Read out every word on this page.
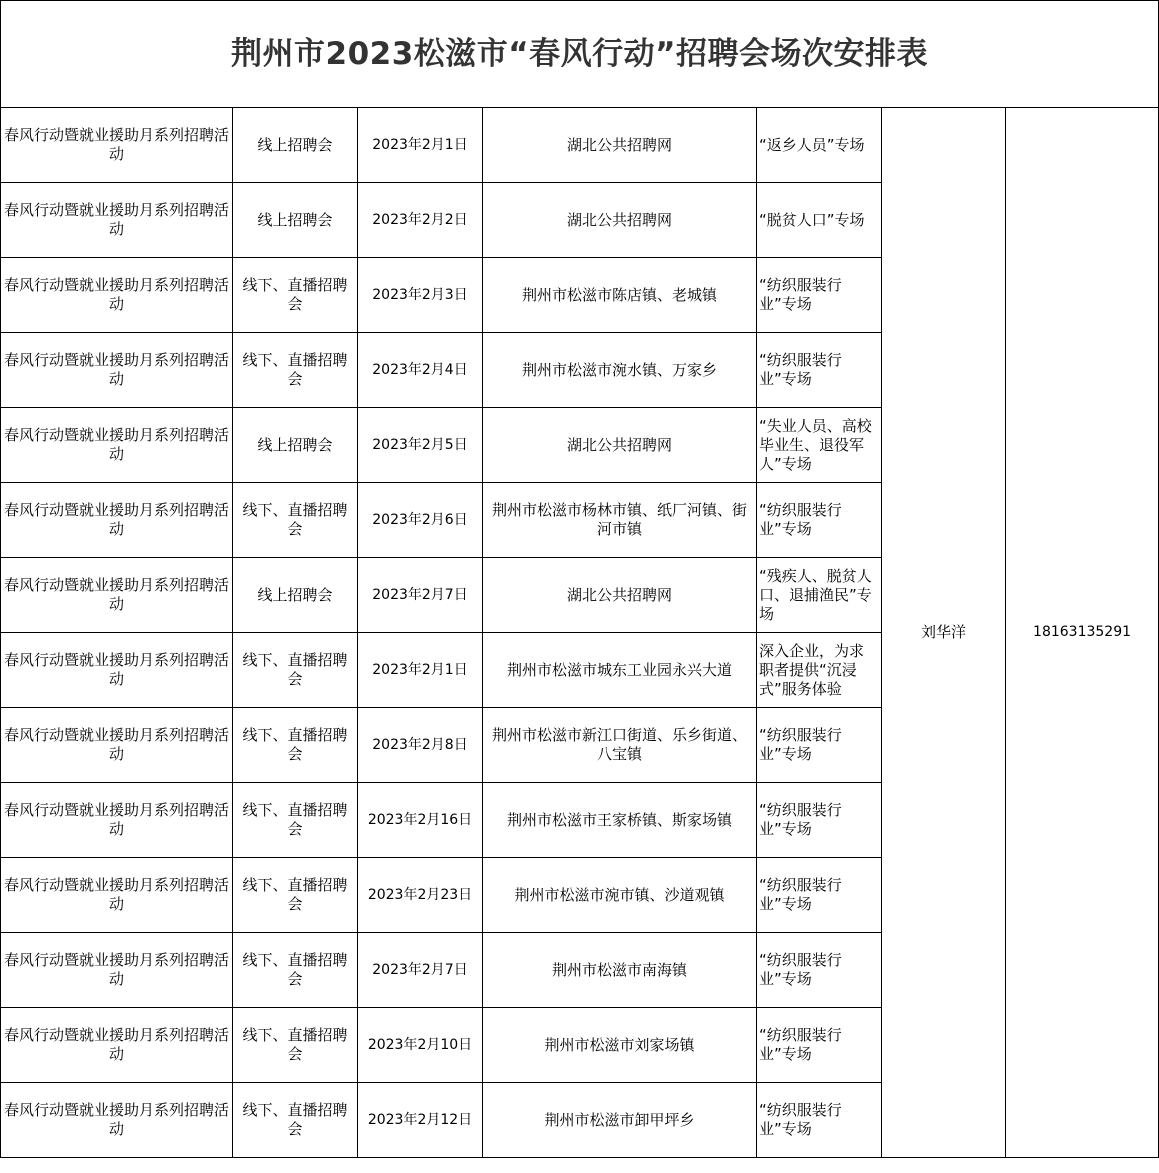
荆州市2023松滋市“春风行动”招聘会场次安排表						
春风行动暨就业援助月系列招聘活动	线上招聘会	2023年2月1日	湖北公共招聘网	“返乡人员”专场	刘华洋	18163135291
春风行动暨就业援助月系列招聘活动	线上招聘会	2023年2月2日	湖北公共招聘网	“脱贫人口”专场		
春风行动暨就业援助月系列招聘活动	线下、直播招聘会	2023年2月3日	荆州市松滋市陈店镇、老城镇	“纺织服装行业”专场		
春风行动暨就业援助月系列招聘活动	线下、直播招聘会	2023年2月4日	荆州市松滋市涴水镇、万家乡	“纺织服装行业”专场		
春风行动暨就业援助月系列招聘活动	线上招聘会	2023年2月5日	湖北公共招聘网	“失业人员、高校毕业生、退役军人”专场		
春风行动暨就业援助月系列招聘活动	线下、直播招聘会	2023年2月6日	荆州市松滋市杨林市镇、纸厂河镇、街河市镇	“纺织服装行业”专场		
春风行动暨就业援助月系列招聘活动	线上招聘会	2023年2月7日	湖北公共招聘网	“残疾人、脱贫人口、退捕渔民”专场		
春风行动暨就业援助月系列招聘活动	线下、直播招聘会	2023年2月1日	荆州市松滋市城东工业园永兴大道	深入企业，为求职者提供“沉浸式”服务体验		
春风行动暨就业援助月系列招聘活动	线下、直播招聘会	2023年2月8日	荆州市松滋市新江口街道、乐乡街道、八宝镇	“纺织服装行业”专场		
春风行动暨就业援助月系列招聘活动	线下、直播招聘会	2023年2月16日	荆州市松滋市王家桥镇、斯家场镇	“纺织服装行业”专场		
春风行动暨就业援助月系列招聘活动	线下、直播招聘会	2023年2月23日	荆州市松滋市涴市镇、沙道观镇	“纺织服装行业”专场		
春风行动暨就业援助月系列招聘活动	线下、直播招聘会	2023年2月7日	荆州市松滋市南海镇	“纺织服装行业”专场		
春风行动暨就业援助月系列招聘活动	线下、直播招聘会	2023年2月10日	荆州市松滋市刘家场镇	“纺织服装行业”专场		
春风行动暨就业援助月系列招聘活动	线下、直播招聘会	2023年2月12日	荆州市松滋市卸甲坪乡	“纺织服装行业”专场		
